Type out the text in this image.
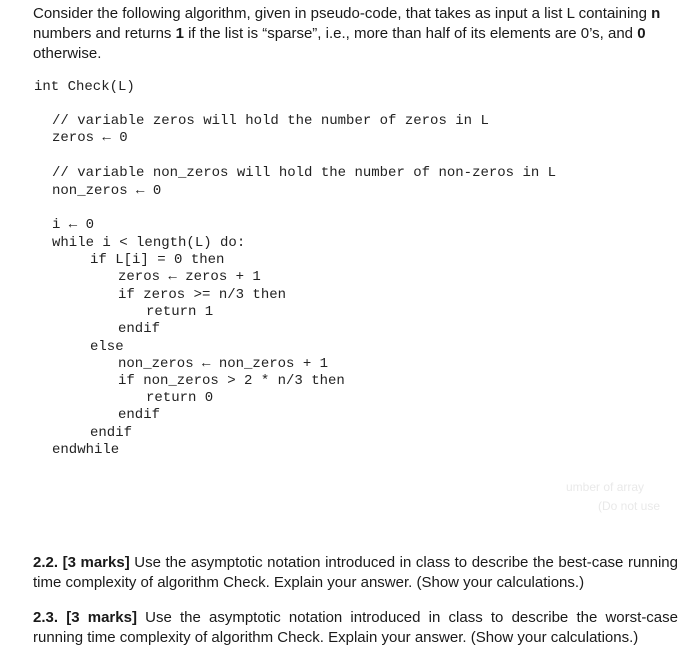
Consider the following algorithm, given in pseudo-code, that takes as input a list L containing n numbers and returns 1 if the list is “sparse”, i.e., more than half of its elements are 0’s, and 0 otherwise.

int Check(L)

// variable zeros will hold the number of zeros in L

zeros ← 0

// variable non_zeros will hold the number of non-zeros in L

non_zeros ← 0

i ← 0

while i < length(L) do:

if L[i] = 0 then

zeros ← zeros + 1

if zeros >= n/3 then

return 1

endif

else

non_zeros ← non_zeros + 1

if non_zeros > 2 * n/3 then

return 0

endif

endif

endwhile

umber of array
(Do not use
2.2. [3 marks] Use the asymptotic notation introduced in class to describe the best-case running time complexity of algorithm Check. Explain your answer. (Show your calculations.)
2.3. [3 marks] Use the asymptotic notation introduced in class to describe the worst-case running time complexity of algorithm Check. Explain your answer. (Show your calculations.)
